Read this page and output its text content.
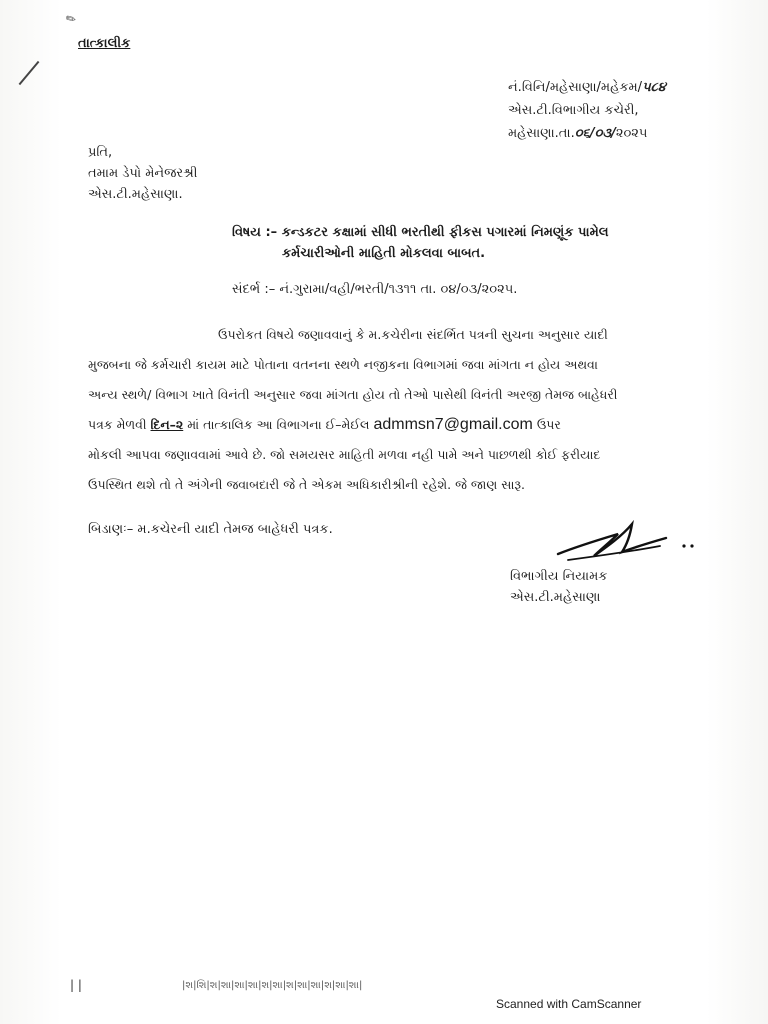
✎
તાત્કાલીક
નં.વિનિ/મહેસાણા/મહેકમ/૫૮૪
એસ.ટી.વિભાગીય કચેરી,
મહેસાણા.તા.૦૬/૦૩/૨૦૨૫
પ્રતિ,
તમામ ડેપો મેનેજરશ્રી
એસ.ટી.મહેસાણા.
વિષય :– કન્ડકટર કક્ષામાં સીધી ભરતીથી ફીકસ પગારમાં નિમણૂંક પામેલ
કર્મચારીઓની માહિતી મોકલવા બાબત.
સંદર્ભ :– નં.ગુરામા/વહી/ભરતી/૧૩૧૧ તા. ૦૪/૦૩/૨૦૨૫.
ઉપરોકત વિષયે જણાવવાનું કે મ.કચેરીના સંદર્ભિત પત્રની સુચના અનુસાર યાદી
મુજબના જે કર્મચારી કાયમ માટે પોતાના વતનના સ્થળે નજીકના વિભાગમાં જવા માંગતા ન હોય અથવા
અન્ય સ્થળે/ વિભાગ ખાતે વિનંતી અનુસાર જવા માંગતા હોય તો તેઓ પાસેથી વિનંતી અરજી તેમજ બાહેધરી
પત્રક મેળવી દિન–૨ માં તાત્કાલિક આ વિભાગના ઈ–મેઈલ admmsn7@gmail.com ઉપર
મોકલી આપવા જણાવવામાં આવે છે. જો સમયસર માહિતી મળવા નહી પામે અને પાછળથી કોઈ ફરીયાદ
ઉપસ્થિત થશે તો તે અંગેની જવાબદારી જે તે એકમ અધિકારીશ્રીની રહેશે. જે જાણ સારૂ.
બિડાણઃ– મ.કચેરની યાદી તેમજ બાહેધરી પત્રક.
વિભાગીય નિયામક
એસ.ટી.મહેસાણા
| |	|શ|શિ|શ|શા|શા|શા|શ|શા|શ|શા|શા|શ|શા|શા|
Scanned with CamScanner
